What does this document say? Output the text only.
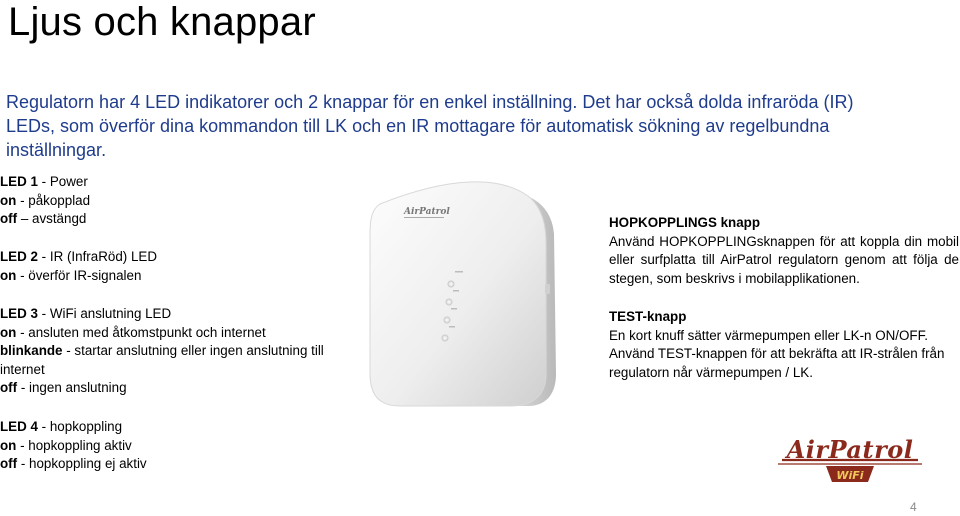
Ljus och knappar

Regulatorn har 4 LED indikatorer och 2 knappar för en enkel inställning. Det har också dolda infraröda (IR) LEDs, som överför dina kommandon till LK och en IR mottagare för automatisk sökning av regelbundna inställningar.

LED 1 - Power

on - påkopplad

off – avstängd

LED 2 - IR (InfraRöd) LED

on - överför IR-signalen

LED 3 - WiFi anslutning LED

on - ansluten med åtkomstpunkt och internet

blinkande - startar anslutning eller ingen anslutning till

internet

off - ingen anslutning

LED 4 - hopkoppling

on - hopkoppling aktiv

off - hopkoppling ej aktiv

AirPatrol

HOPKOPPLINGS knapp

Använd HOPKOPPLINGsknappen för att koppla din mobil eller surfplatta till AirPatrol regulatorn genom att följa de stegen, som beskrivs i mobilapplikationen.

TEST-knapp

En kort knuff sätter värmepumpen eller LK-n ON/OFF. Använd TEST-knappen för att bekräfta att IR-strålen från regulatorn når värmepumpen / LK.

AirPatrol
WiFi
4
